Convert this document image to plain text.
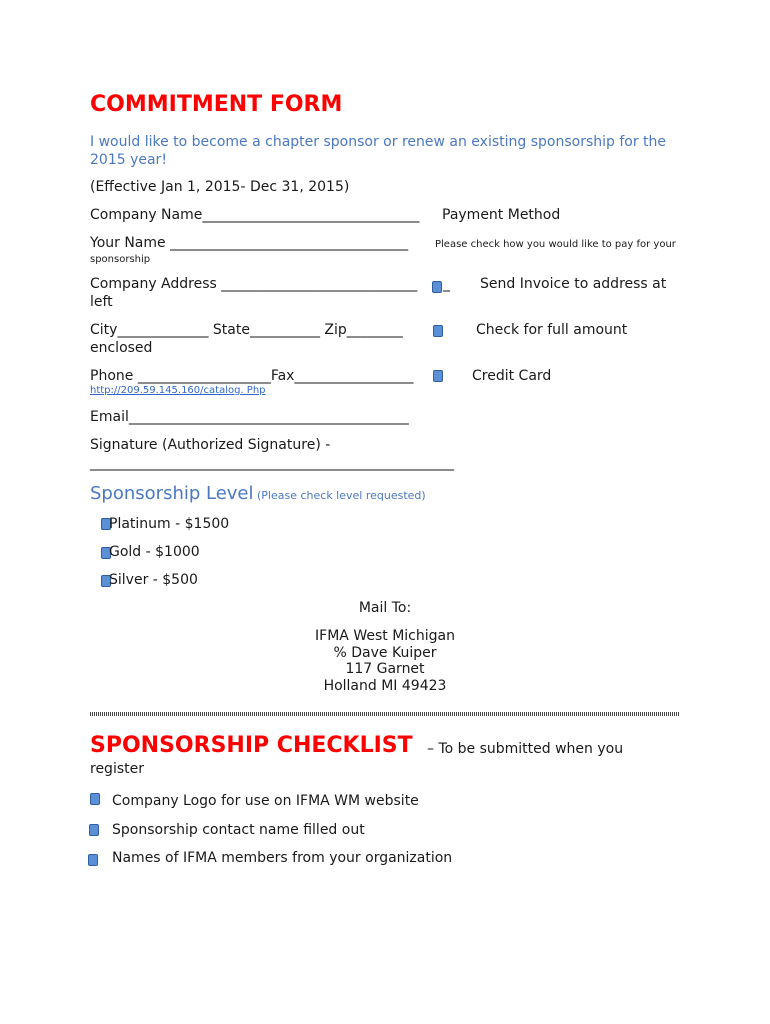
COMMITMENT FORM
I would like to become a chapter sponsor or renew an existing sponsorship for the 2015 year!
(Effective Jan 1, 2015- Dec 31, 2015)
Company Name_______________________________ Payment Method
Your Name __________________________________	Please check how you would like to pay for your
sponsorship
Company Address ____________________________ _ Send Invoice to address at
left
City_____________ State__________ Zip________	Check for full amount
enclosed
Phone ___________________Fax_________________	Credit Card
http://209.59.145.160/catalog. Php
Email________________________________________
Signature (Authorized Signature) -
____________________________________________________
Sponsorship Level (Please check level requested)
Platinum - $1500
Gold - $1000
Silver - $500
Mail To:
IFMA West Michigan
% Dave Kuiper
117 Garnet
Holland MI 49423
SPONSORSHIP CHECKLIST – To be submitted when you
register
Company Logo for use on IFMA WM website
Sponsorship contact name filled out
Names of IFMA members from your organization
